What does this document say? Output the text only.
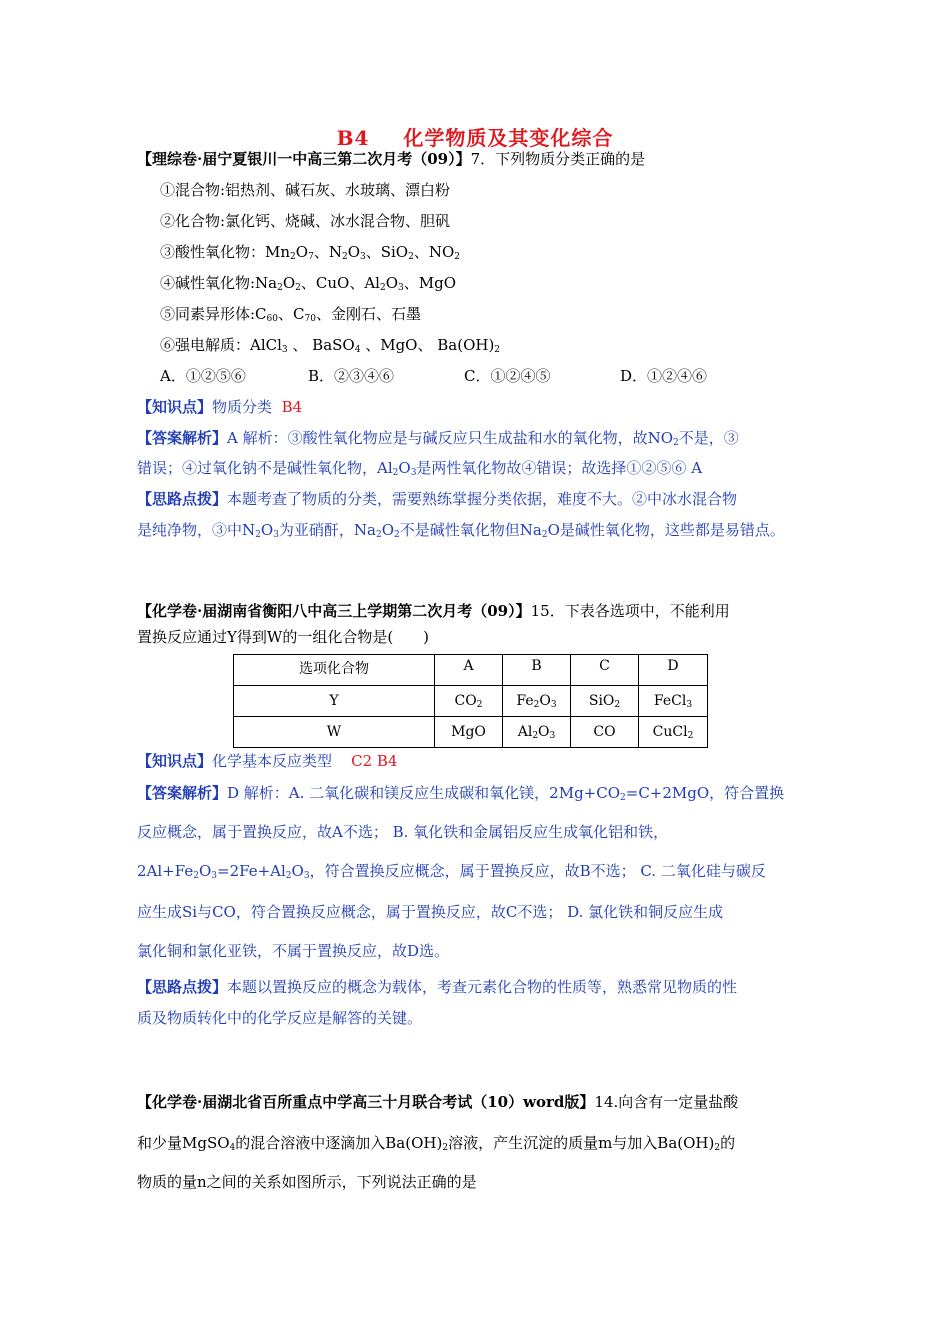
B4 化学物质及其变化综合
【理综卷·届宁夏银川一中高三第二次月考（09）】7．下列物质分类正确的是
①混合物:铝热剂、碱石灰、水玻璃、漂白粉
②化合物:氯化钙、烧碱、冰水混合物、胆矾
③酸性氧化物：$Mn_2O_7$、$N_2O_3$、SiO$_2$、$NO_2$
④碱性氧化物$:Na_2O_2$、CuO、$Al_2O_3$、MgO
⑤同素异形体$:C_{60}$、$C_{70}$、金刚石、石墨
⑥强电解质：AlCl$_3$ 、 BaSO$_4$ 、MgO、 $Ba(OH)_2$
A．①②⑤⑥	B．②③④⑥	C．①②④⑤	D．①②④⑥
【知识点】物质分类 B4
【答案解析】A 解析：③酸性氧化物应是与碱反应只生成盐和水的氧化物，故$NO_2$不是，③
错误；④过氧化钠不是碱性氧化物，$Al_2O_3$是两性氧化物故④错误；故选择①②⑤⑥ A
【思路点拨】本题考查了物质的分类，需要熟练掌握分类依据，难度不大。②中冰水混合物
是纯净物，③中$N_2O_3$为亚硝酐，$Na_2O_2$不是碱性氧化物但$Na_2O$是碱性氧化物，这些都是易错点。
【化学卷·届湖南省衡阳八中高三上学期第二次月考（09）】15．下表各选项中，不能利用
置换反应通过Y得到W的一组化合物是(　　)
选项化合物	A	B	C	D
Y	$CO_2$	$Fe_2O_3$	SiO$_2$	FeCl$_3$
W	MgO	$Al_2O_3$	CO	CuCl$_2$
【知识点】化学基本反应类型 C2 B4
【答案解析】D 解析：A. 二氧化碳和镁反应生成碳和氧化镁，$2Mg+CO_2=C+2MgO$，符合置换
反应概念，属于置换反应，故A不选； B. 氧化铁和金属铝反应生成氧化铝和铁，
$2Al+Fe_2O_3=2Fe+Al_2O_3$，符合置换反应概念，属于置换反应，故B不选； C. 二氧化硅与碳反
应生成Si与CO，符合置换反应概念，属于置换反应，故C不选； D. 氯化铁和铜反应生成
氯化铜和氯化亚铁，不属于置换反应，故D选。
【思路点拨】本题以置换反应的概念为载体，考查元素化合物的性质等，熟悉常见物质的性
质及物质转化中的化学反应是解答的关键。
【化学卷·届湖北省百所重点中学高三十月联合考试（10）word版】14.向含有一定量盐酸
和少量MgSO$_4$的混合溶液中逐滴加入$Ba(OH)_2$溶液，产生沉淀的质量m与加入$Ba(OH)_2$的
物质的量n之间的关系如图所示，下列说法正确的是
